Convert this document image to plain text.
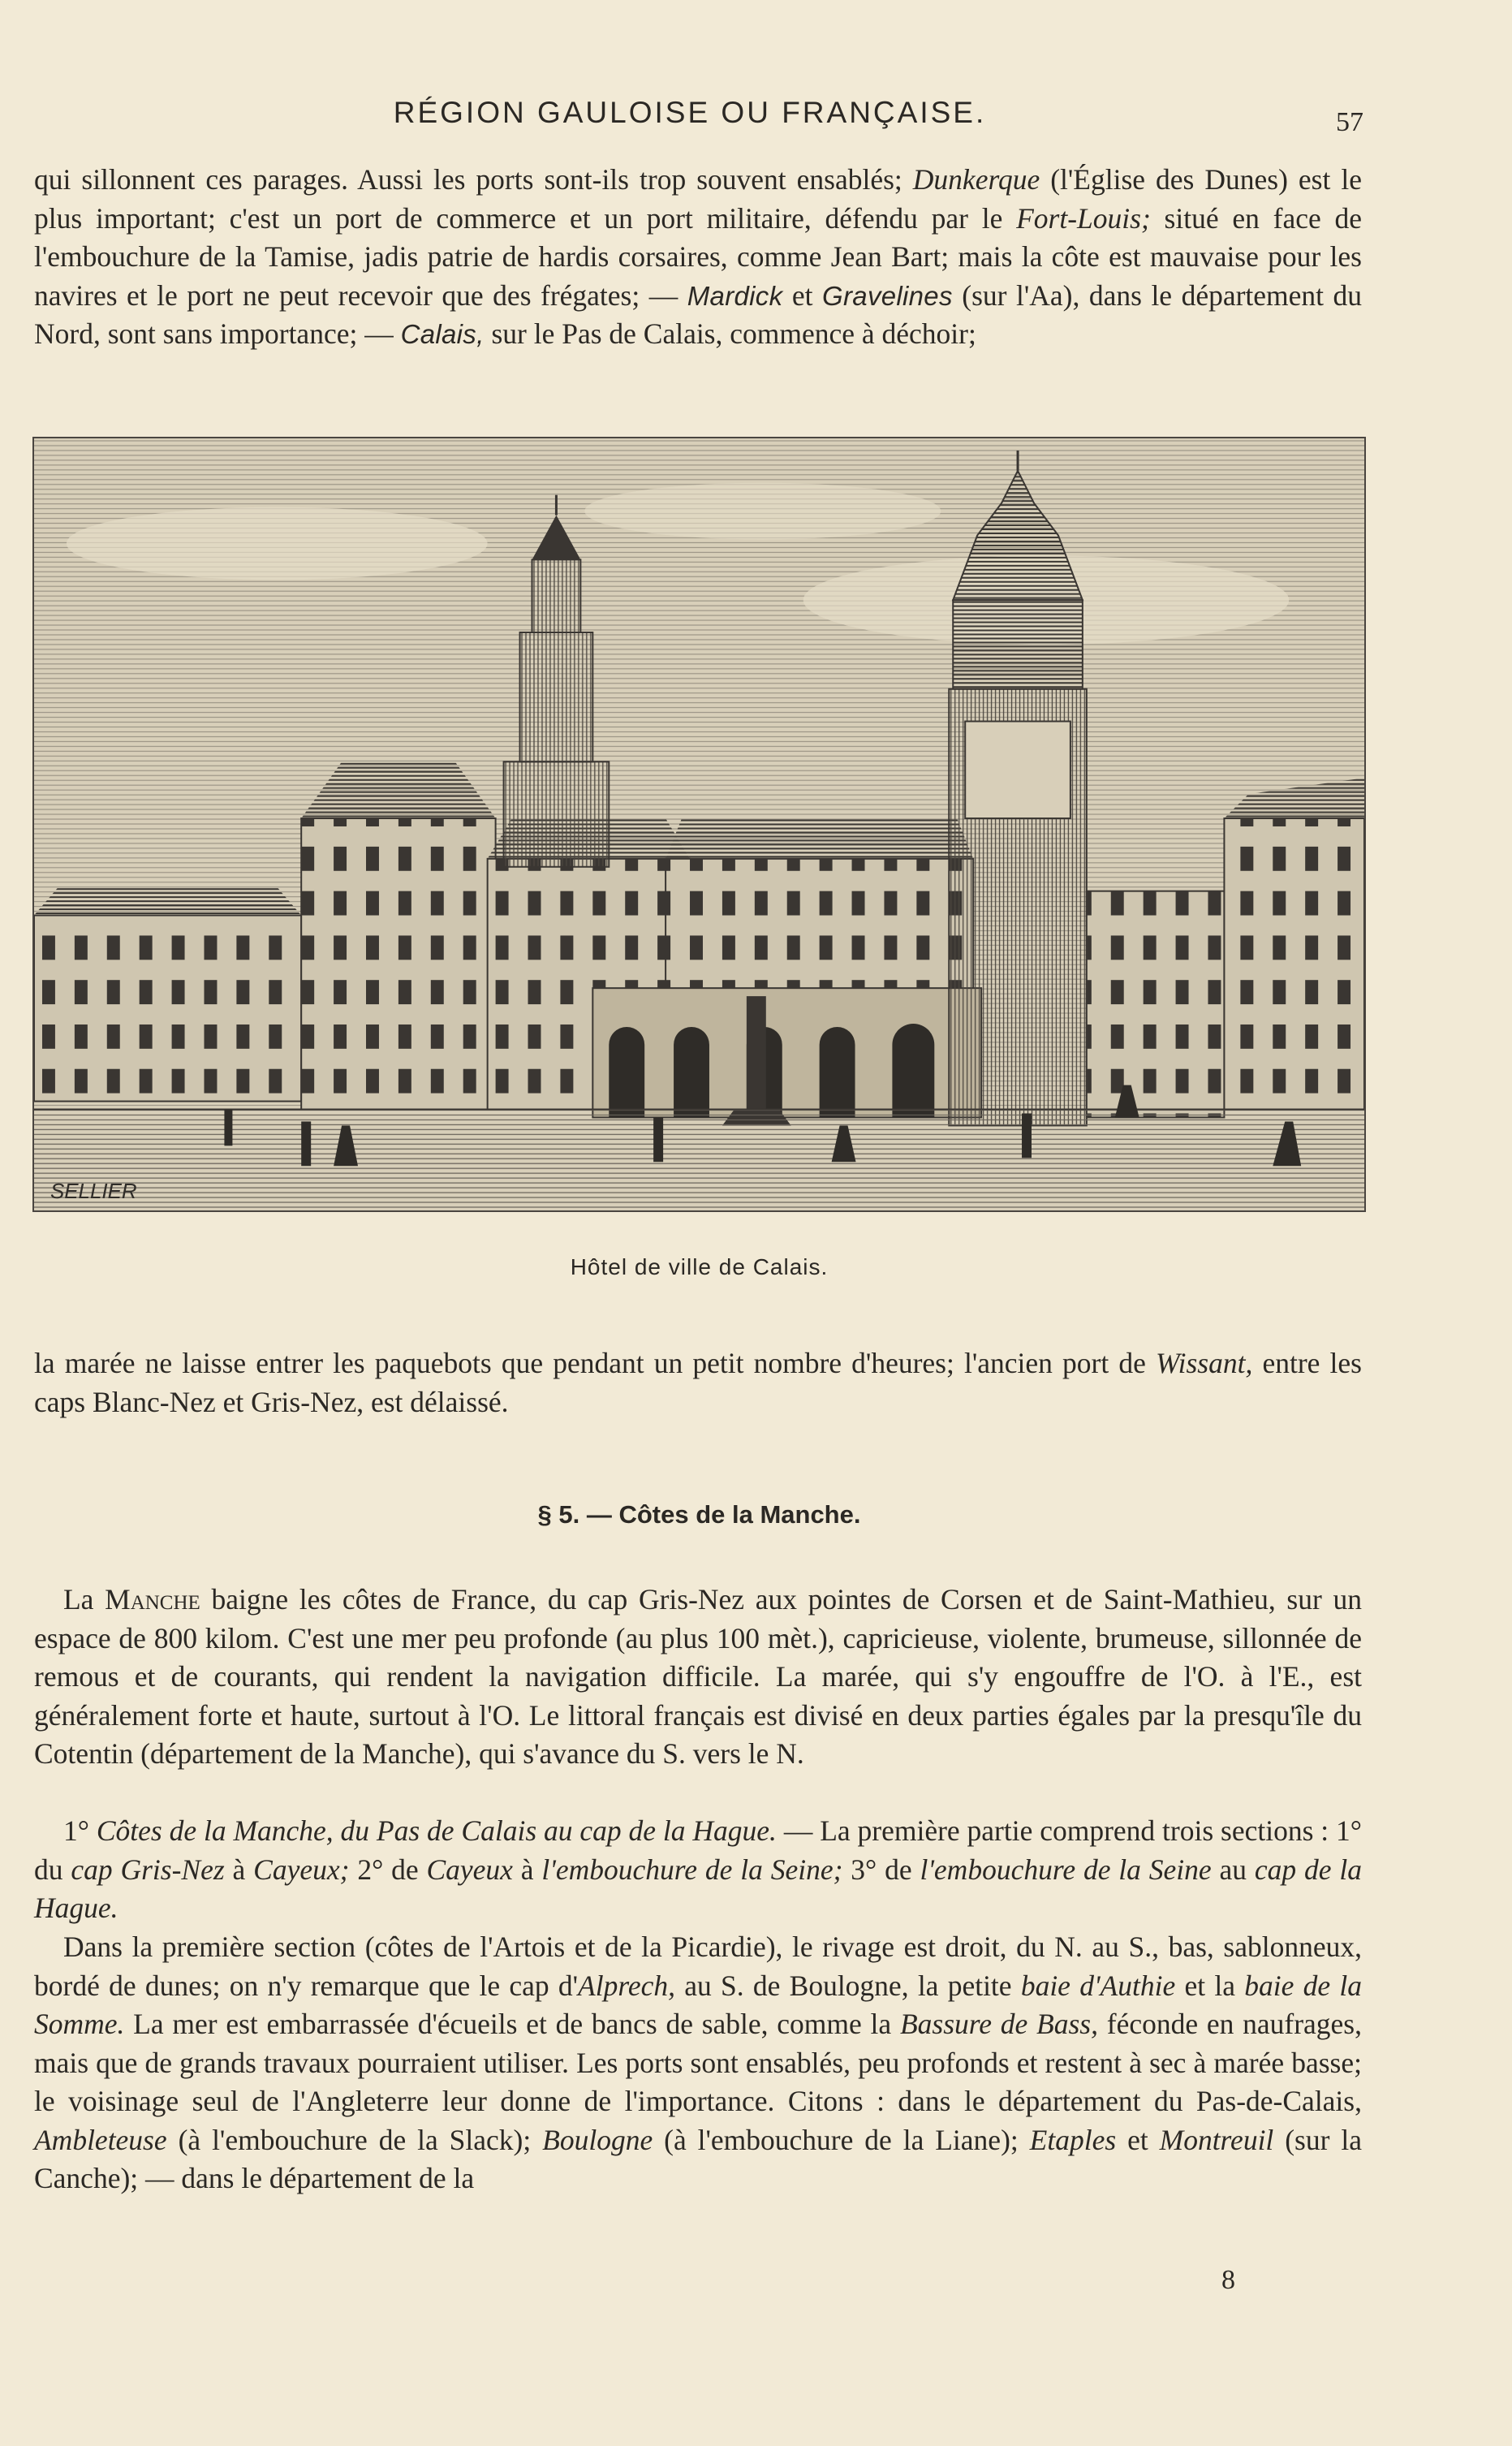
RÉGION GAULOISE OU FRANÇAISE.	57

qui sillonnent ces parages. Aussi les ports sont-ils trop souvent ensablés; Dunkerque (l'Église des Dunes) est le plus important; c'est un port de commerce et un port militaire, défendu par le Fort-Louis; situé en face de l'embouchure de la Tamise, jadis patrie de hardis corsaires, comme Jean Bart; mais la côte est mauvaise pour les navires et le port ne peut recevoir que des frégates; — Mardick et Gravelines (sur l'Aa), dans le département du Nord, sont sans importance; — Calais, sur le Pas de Calais, commence à déchoir;

SELLIER
Hôtel de ville de Calais.

la marée ne laisse entrer les paquebots que pendant un petit nombre d'heures; l'ancien port de Wissant, entre les caps Blanc-Nez et Gris-Nez, est délaissé.

§ 5. — Côtes de la Manche.

La Manche baigne les côtes de France, du cap Gris-Nez aux pointes de Corsen et de Saint-Mathieu, sur un espace de 800 kilom. C'est une mer peu profonde (au plus 100 mèt.), capricieuse, violente, brumeuse, sillonnée de remous et de courants, qui rendent la navigation difficile. La marée, qui s'y engouffre de l'O. à l'E., est généralement forte et haute, surtout à l'O. Le littoral français est divisé en deux parties égales par la presqu'île du Cotentin (département de la Manche), qui s'avance du S. vers le N.

1° Côtes de la Manche, du Pas de Calais au cap de la Hague. — La première partie comprend trois sections : 1° du cap Gris-Nez à Cayeux; 2° de Cayeux à l'embouchure de la Seine; 3° de l'embouchure de la Seine au cap de la Hague.

Dans la première section (côtes de l'Artois et de la Picardie), le rivage est droit, du N. au S., bas, sablonneux, bordé de dunes; on n'y remarque que le cap d'Alprech, au S. de Boulogne, la petite baie d'Authie et la baie de la Somme. La mer est embarrassée d'écueils et de bancs de sable, comme la Bassure de Bass, féconde en naufrages, mais que de grands travaux pourraient utiliser. Les ports sont ensablés, peu profonds et restent à sec à marée basse; le voisinage seul de l'Angleterre leur donne de l'importance. Citons : dans le département du Pas-de-Calais, Ambleteuse (à l'embouchure de la Slack); Boulogne (à l'embouchure de la Liane); Etaples et Montreuil (sur la Canche); — dans le département de la

8
